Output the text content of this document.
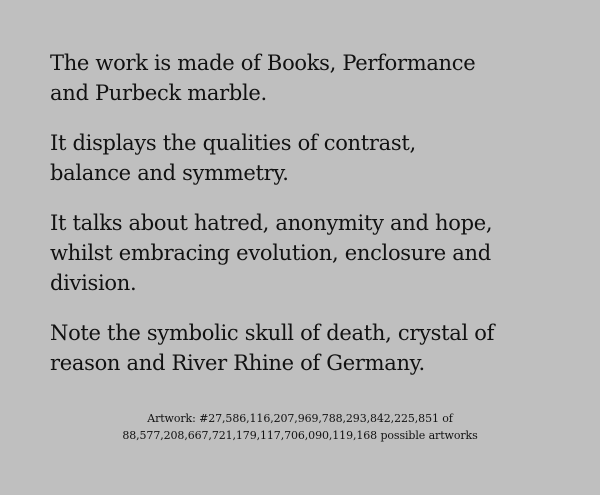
The work is made of Books, Performance
and Purbeck marble.

It displays the qualities of contrast,
balance and symmetry.

It talks about hatred, anonymity and hope,
whilst embracing evolution, enclosure and
division.

Note the symbolic skull of death, crystal of
reason and River Rhine of Germany.

Artwork: #27,586,116,207,969,788,293,842,225,851 of
88,577,208,667,721,179,117,706,090,119,168 possible artworks
